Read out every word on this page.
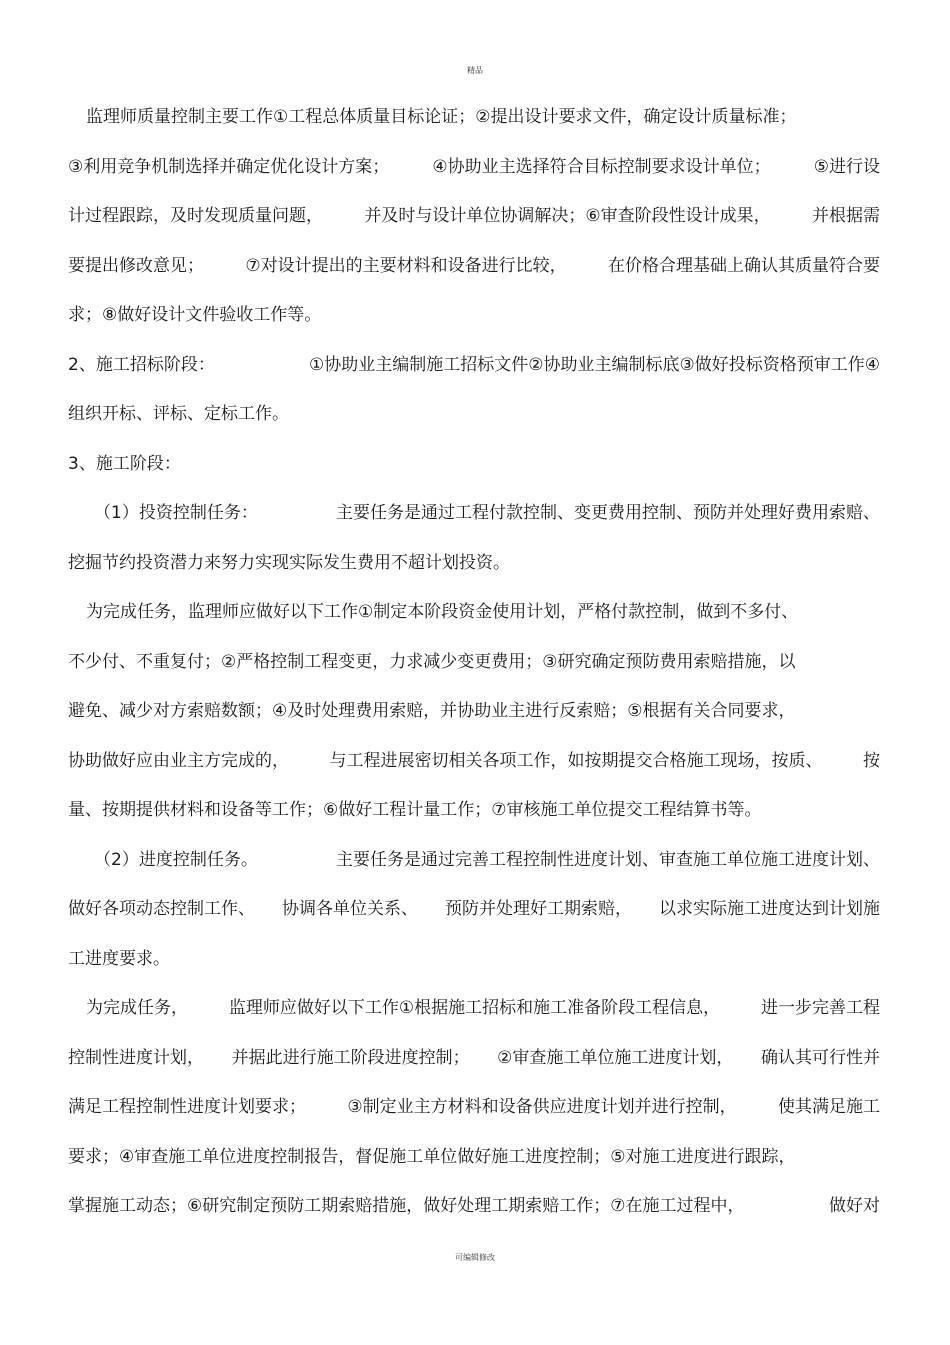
精品
监理师质量控制主要工作①工程总体质量目标论证；②提出设计要求文件，确定设计质量标准；
③利用竞争机制选择并确定优化设计方案；	④协助业主选择符合目标控制要求设计单位；	⑤进行设
计过程跟踪，及时发现质量问题， 并及时与设计单位协调解决；⑥审查阶段性设计成果， 并根据需
要提出修改意见； ⑦对设计提出的主要材料和设备进行比较， 在价格合理基础上确认其质量符合要
求；⑧做好设计文件验收工作等。
2、施工招标阶段：	①协助业主编制施工招标文件②协助业主编制标底③做好投标资格预审工作④
组织开标、评标、定标工作。
3、施工阶段：
（1）投资控制任务：	主要任务是通过工程付款控制、变更费用控制、预防并处理好费用索赔、
挖掘节约投资潜力来努力实现实际发生费用不超计划投资。
为完成任务，监理师应做好以下工作①制定本阶段资金使用计划，严格付款控制，做到不多付、
不少付、不重复付；②严格控制工程变更，力求减少变更费用；③研究确定预防费用索赔措施，以
避免、减少对方索赔数额；④及时处理费用索赔，并协助业主进行反索赔；⑤根据有关合同要求，
协助做好应由业主方完成的， 与工程进展密切相关各项工作，如按期提交合格施工现场，按质、 按
量、按期提供材料和设备等工作；⑥做好工程计量工作；⑦审核施工单位提交工程结算书等。
（2）进度控制任务。	主要任务是通过完善工程控制性进度计划、审查施工单位施工进度计划、
做好各项动态控制工作、 协调各单位关系、 预防并处理好工期索赔， 以求实际施工进度达到计划施
工进度要求。
为完成任务， 监理师应做好以下工作①根据施工招标和施工准备阶段工程信息， 进一步完善工程
控制性进度计划， 并据此进行施工阶段进度控制； ②审查施工单位施工进度计划， 确认其可行性并
满足工程控制性进度计划要求； ③制定业主方材料和设备供应进度计划并进行控制， 使其满足施工
要求；④审查施工单位进度控制报告，督促施工单位做好施工进度控制；⑤对施工进度进行跟踪，
掌握施工动态；⑥研究制定预防工期索赔措施，做好处理工期索赔工作；⑦在施工过程中，	做好对
可编辑修改
